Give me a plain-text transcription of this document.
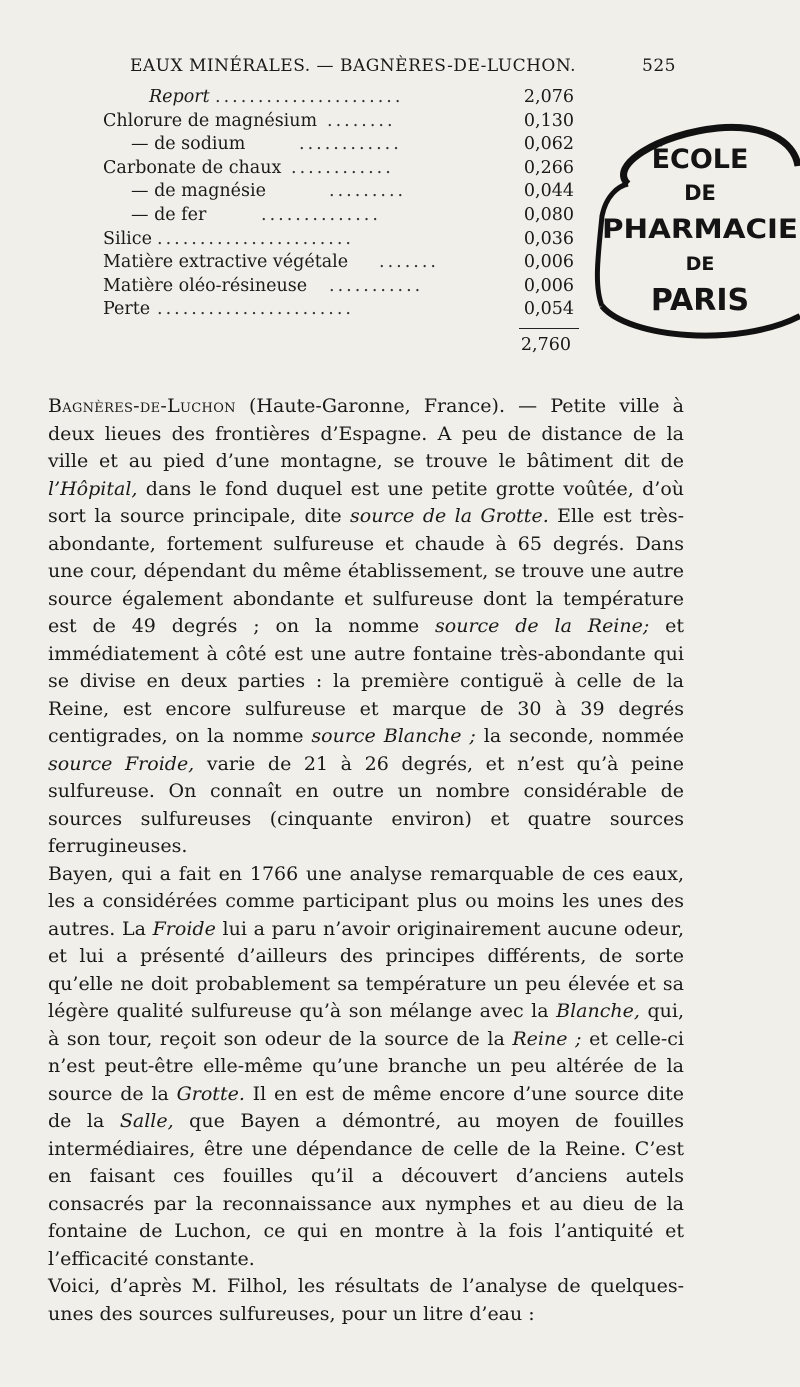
EAUX MINÉRALES. — BAGNÈRES-DE-LUCHON.	525
Report ......................	2,076
Chlorure de magnésium ........	0,130
— de sodium	............	0,062
Carbonate de chaux ............	0,266
— de magnésie	.........	0,044
— de fer	..............	0,080
Silice .......................	0,036
Matière extractive végétale .......	0,006
Matière oléo-résineuse ...........	0,006
Perte .......................	0,054
2,760
ÉCOLE
DE
PHARMACIE
DE
PARIS

Bagnères-de-Luchon (Haute-Garonne, France). — Petite ville à deux lieues des frontières d’Espagne. A peu de distance de la ville et au pied d’une montagne, se trouve le bâtiment dit de l’Hôpital, dans le fond duquel est une petite grotte voûtée, d’où sort la source principale, dite source de la Grotte. Elle est très-abondante, fortement sulfureuse et chaude à 65 degrés. Dans une cour, dépendant du même établissement, se trouve une autre source également abondante et sulfureuse dont la température est de 49 degrés ; on la nomme source de la Reine; et immédiatement à côté est une autre fontaine très-abondante qui se divise en deux parties : la première contiguë à celle de la Reine, est encore sulfureuse et marque de 30 à 39 degrés centigrades, on la nomme source Blanche ; la seconde, nommée source Froide, varie de 21 à 26 degrés, et n’est qu’à peine sulfureuse. On connaît en outre un nombre considérable de sources sulfureuses (cinquante environ) et quatre sources ferrugineuses.

Bayen, qui a fait en 1766 une analyse remarquable de ces eaux, les a considérées comme participant plus ou moins les unes des autres. La Froide lui a paru n’avoir originairement aucune odeur, et lui a présenté d’ailleurs des principes différents, de sorte qu’elle ne doit probablement sa température un peu élevée et sa légère qualité sulfureuse qu’à son mélange avec la Blanche, qui, à son tour, reçoit son odeur de la source de la Reine ; et celle-ci n’est peut-être elle-même qu’une branche un peu altérée de la source de la Grotte. Il en est de même encore d’une source dite de la Salle, que Bayen a démontré, au moyen de fouilles intermédiaires, être une dépendance de celle de la Reine. C’est en faisant ces fouilles qu’il a découvert d’anciens autels consacrés par la reconnaissance aux nymphes et au dieu de la fontaine de Luchon, ce qui en montre à la fois l’antiquité et l’efficacité constante.

Voici, d’après M. Filhol, les résultats de l’analyse de quelques-unes des sources sulfureuses, pour un litre d’eau :
